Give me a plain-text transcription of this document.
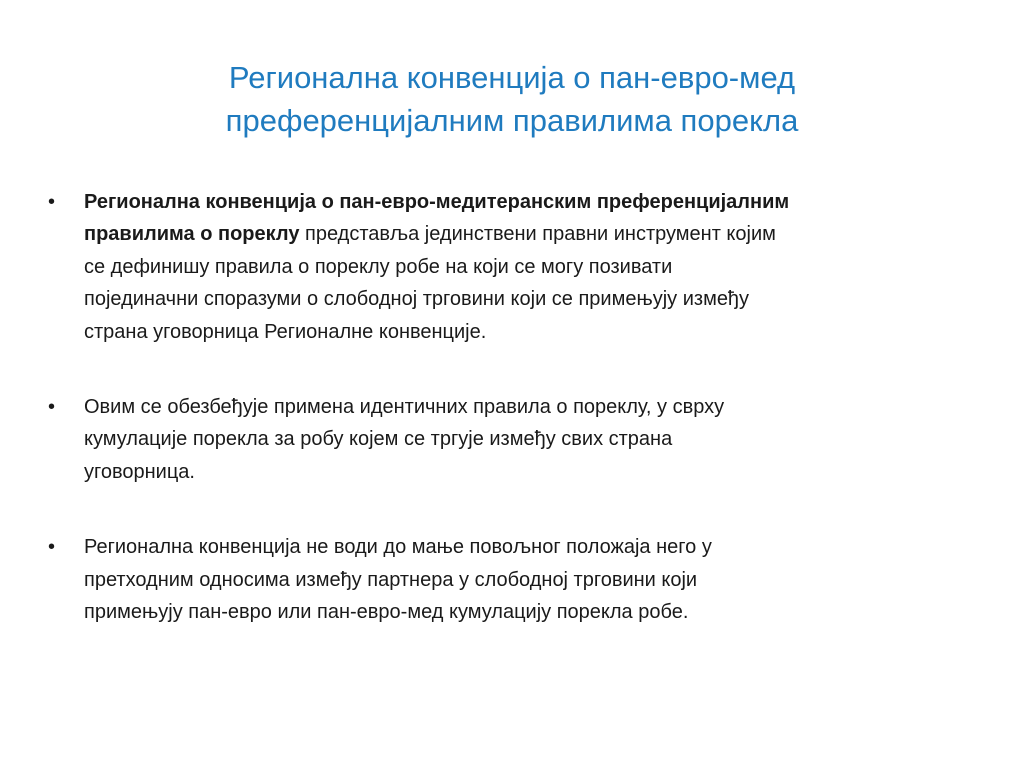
Регионална конвенција о пан-евро-мед
преференцијалним правилима порекла
•	Регионална конвенција о пан-евро-медитеранским преференцијалним
правилима о пореклу представља јединствени правни инструмент којим
се дефинишу правила о пореклу робе на који се могу позивати
појединачни споразуми о слободној трговини који се примењују између
страна уговорница Регионалне конвенције.
•	Овим се обезбеђује примена идентичних правила о пореклу, у сврху
кумулације порекла за робу којем се тргује између свих страна
уговорница.
•	Регионална конвенција не води до мање повољног положаја него у
претходним односима између партнера у слободној трговини који
примењују пан-евро или пан-евро-мед кумулацију порекла робе.
